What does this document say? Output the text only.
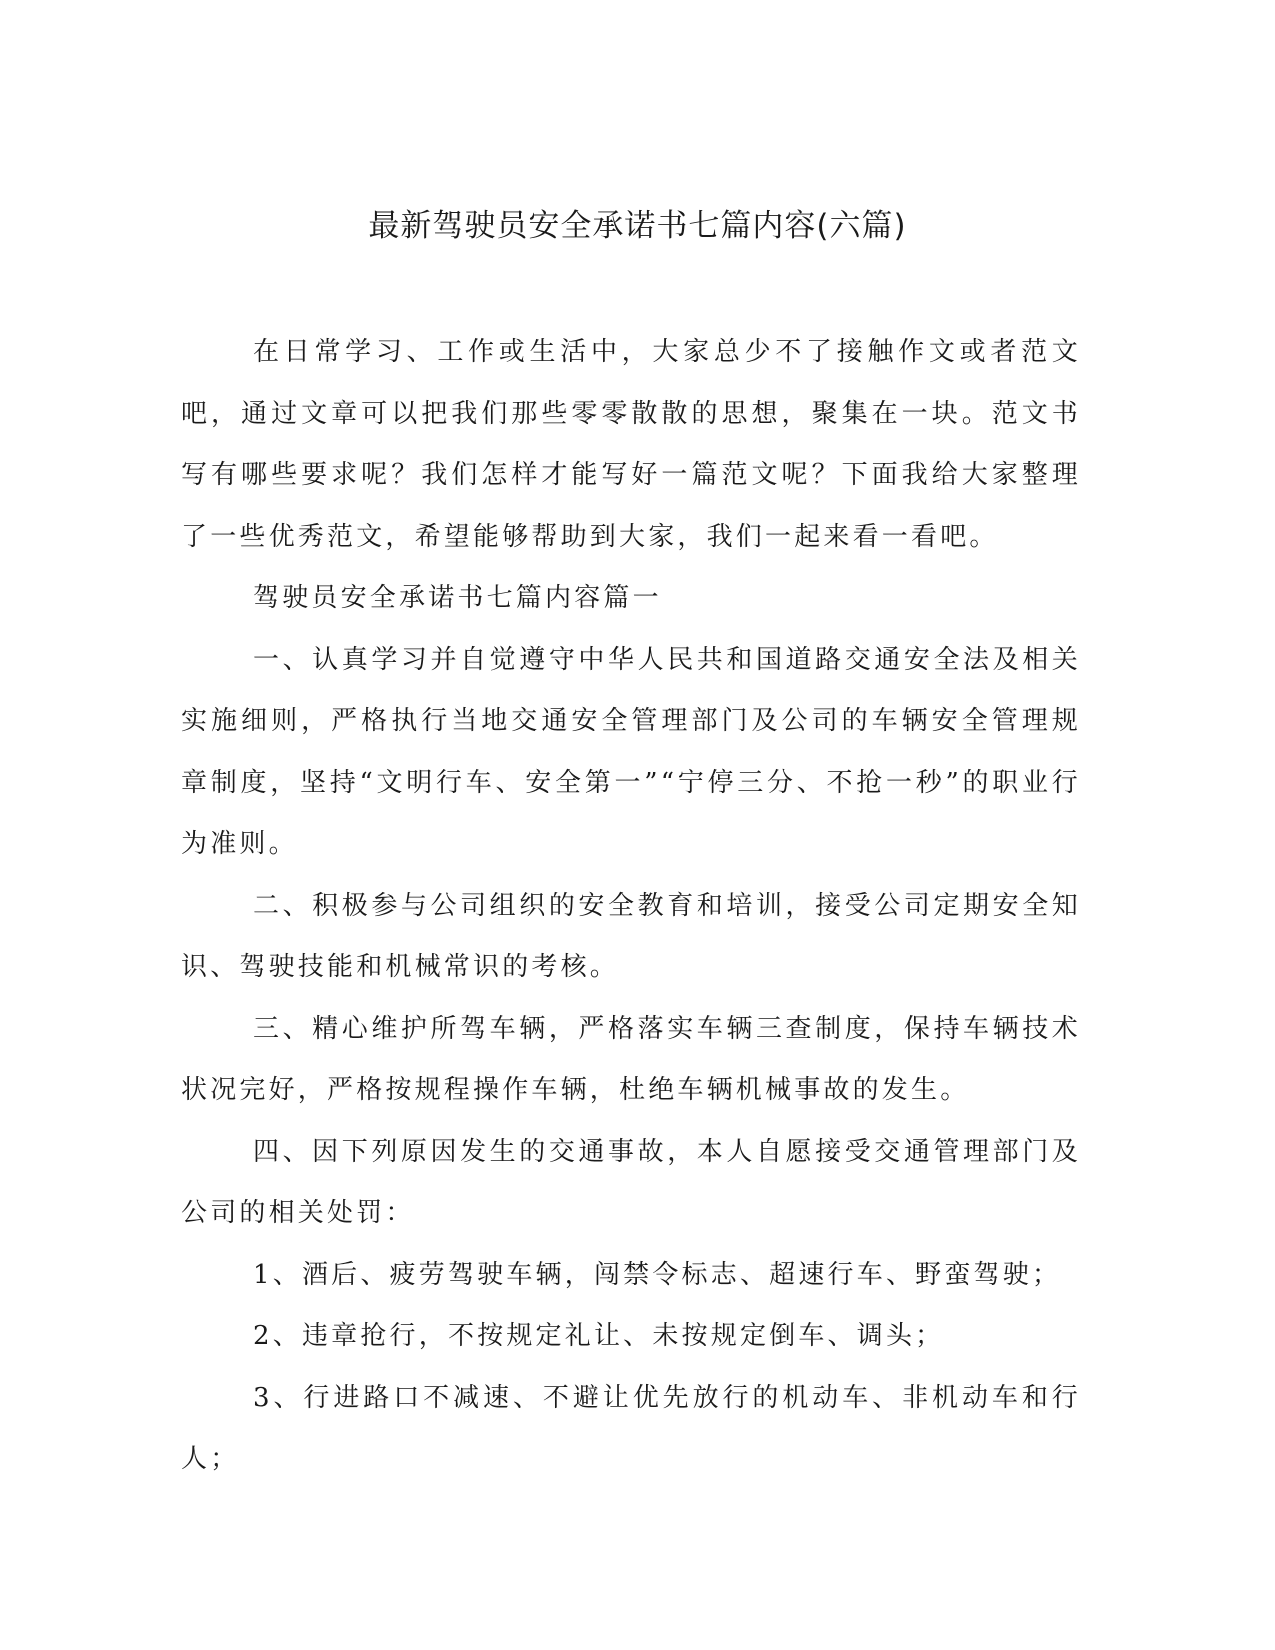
最新驾驶员安全承诺书七篇内容(六篇)

在日常学习、工作或生活中，大家总少不了接触作文或者范文吧，通过文章可以把我们那些零零散散的思想，聚集在一块。范文书写有哪些要求呢？我们怎样才能写好一篇范文呢？下面我给大家整理了一些优秀范文，希望能够帮助到大家，我们一起来看一看吧。

驾驶员安全承诺书七篇内容篇一

一、认真学习并自觉遵守中华人民共和国道路交通安全法及相关实施细则，严格执行当地交通安全管理部门及公司的车辆安全管理规章制度，坚持“文明行车、安全第一”“宁停三分、不抢一秒”的职业行为准则。

二、积极参与公司组织的安全教育和培训，接受公司定期安全知识、驾驶技能和机械常识的考核。

三、精心维护所驾车辆，严格落实车辆三查制度，保持车辆技术状况完好，严格按规程操作车辆，杜绝车辆机械事故的发生。

四、因下列原因发生的交通事故，本人自愿接受交通管理部门及公司的相关处罚：

1、酒后、疲劳驾驶车辆，闯禁令标志、超速行车、野蛮驾驶；

2、违章抢行，不按规定礼让、未按规定倒车、调头；

3、行进路口不减速、不避让优先放行的机动车、非机动车和行人；
